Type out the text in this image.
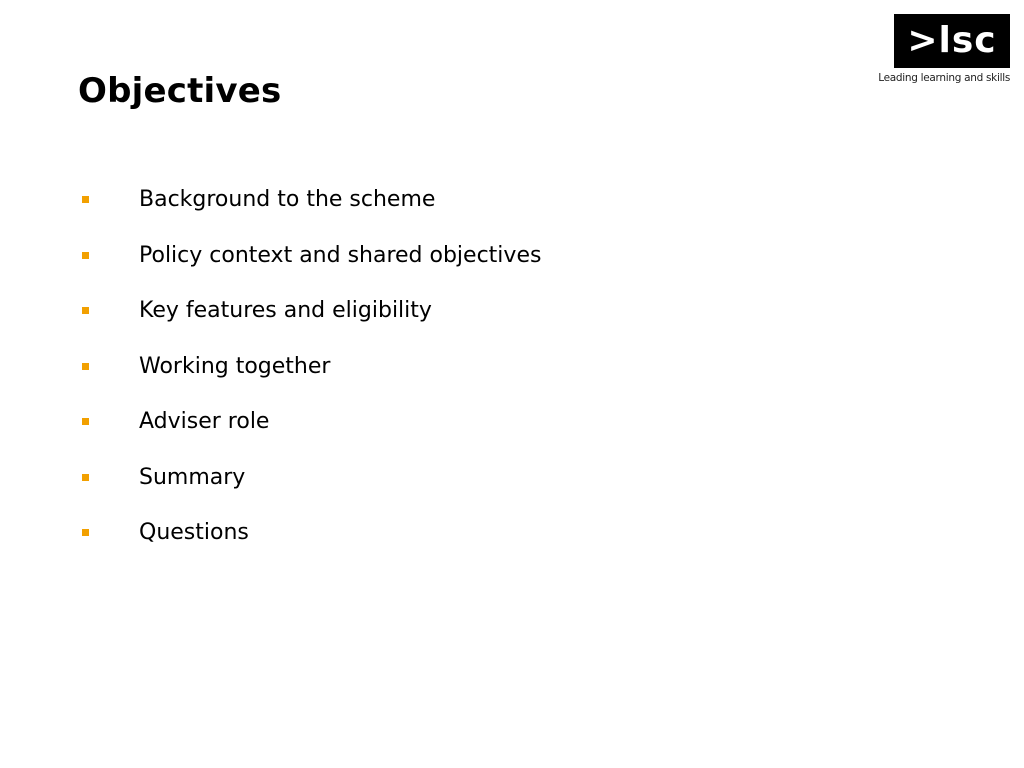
Objectives
>lsc
Leading learning and skills
Background to the scheme
Policy context and shared objectives
Key features and eligibility
Working together
Adviser role
Summary
Questions
